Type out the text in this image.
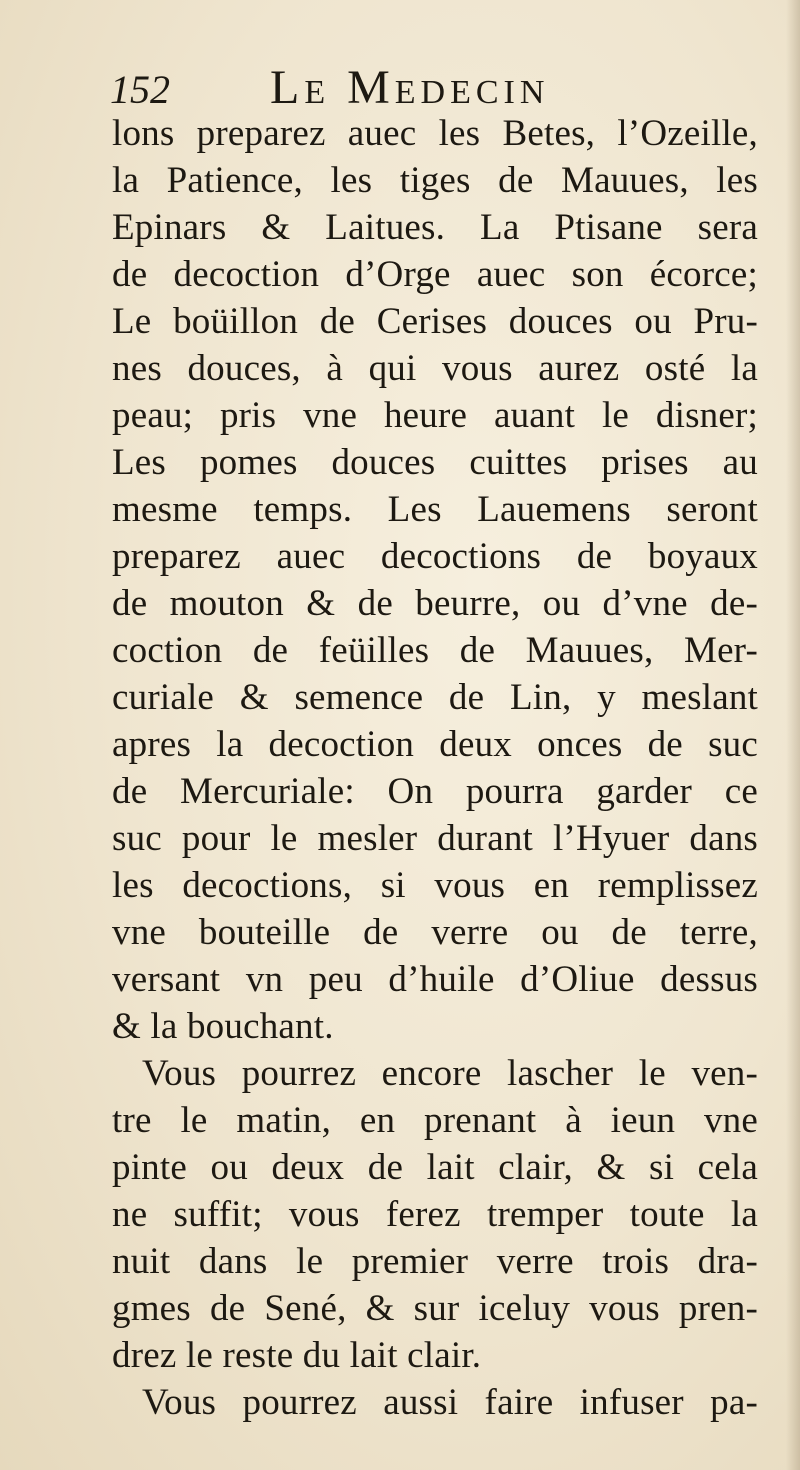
152 Le Medecin
lons preparez auec les Betes, l’Ozeille,
la Patience, les tiges de Mauues, les
Epinars & Laitues. La Ptisane sera
de decoction d’Orge auec son écorce;
Le boüillon de Cerises douces ou Pru-
nes douces, à qui vous aurez osté la
peau; pris vne heure auant le disner;
Les pomes douces cuittes prises au
mesme temps. Les Lauemens seront
preparez auec decoctions de boyaux
de mouton & de beurre, ou d’vne de-
coction de feüilles de Mauues, Mer-
curiale & semence de Lin, y meslant
apres la decoction deux onces de suc
de Mercuriale: On pourra garder ce
suc pour le mesler durant l’Hyuer dans
les decoctions, si vous en remplissez
vne bouteille de verre ou de terre,
versant vn peu d’huile d’Oliue dessus
& la bouchant.
Vous pourrez encore lascher le ven-
tre le matin, en prenant à ieun vne
pinte ou deux de lait clair, & si cela
ne suffit; vous ferez tremper toute la
nuit dans le premier verre trois dra-
gmes de Sené, & sur iceluy vous pren-
drez le reste du lait clair.
Vous pourrez aussi faire infuser pa-
